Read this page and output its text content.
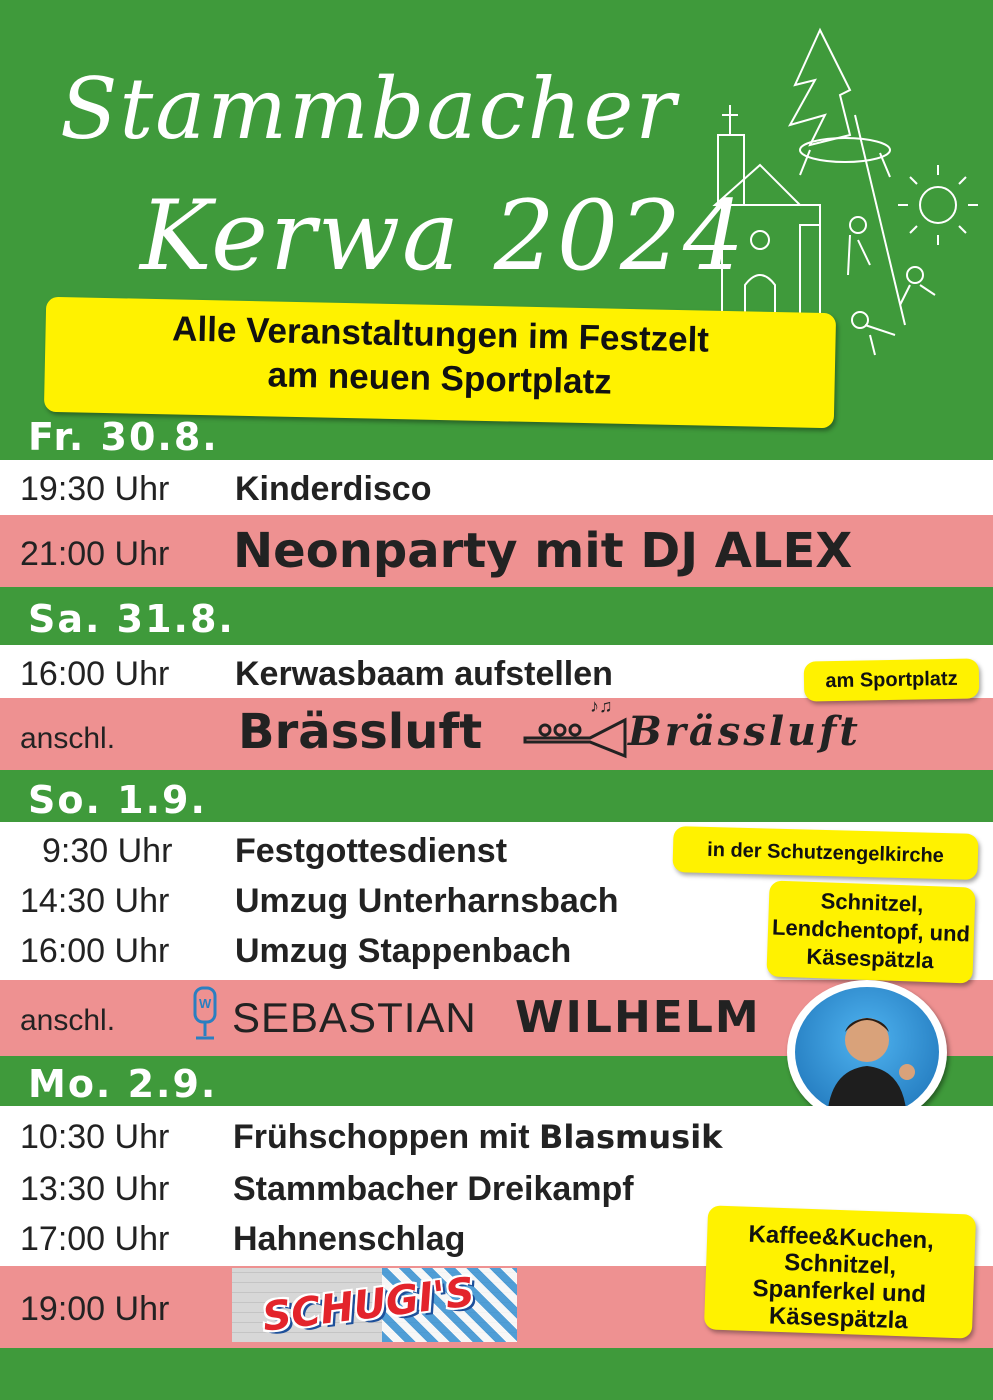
Stammbacher
Kerwa 2024
Alle Veranstaltungen im Festzelt
am neuen Sportplatz
Fr. 30.8.
19:30 Uhr Kinderdisco
21:00 Uhr Neonparty mit DJ ALEX
Sa. 31.8.
16:00 Uhr Kerwasbaam aufstellen
anschl.	Brässluft	♪♫
Brässluft
am Sportplatz
So. 1.9.
9:30 Uhr Festgottesdienst
14:30 Uhr Umzug Unterharnsbach
16:00 Uhr Umzug Stappenbach
anschl.
W SEBASTIAN WILHELM
in der Schutzengelkirche
Schnitzel, Lendchentopf, und Käsespätzla
Mo. 2.9.
10:30 Uhr Frühschoppen mit Blasmusik
13:30 Uhr Stammbacher Dreikampf
17:00 Uhr Hahnenschlag
19:00 Uhr SCHUGI'S
Kaffee&Kuchen, Schnitzel, Spanferkel und Käsespätzla
